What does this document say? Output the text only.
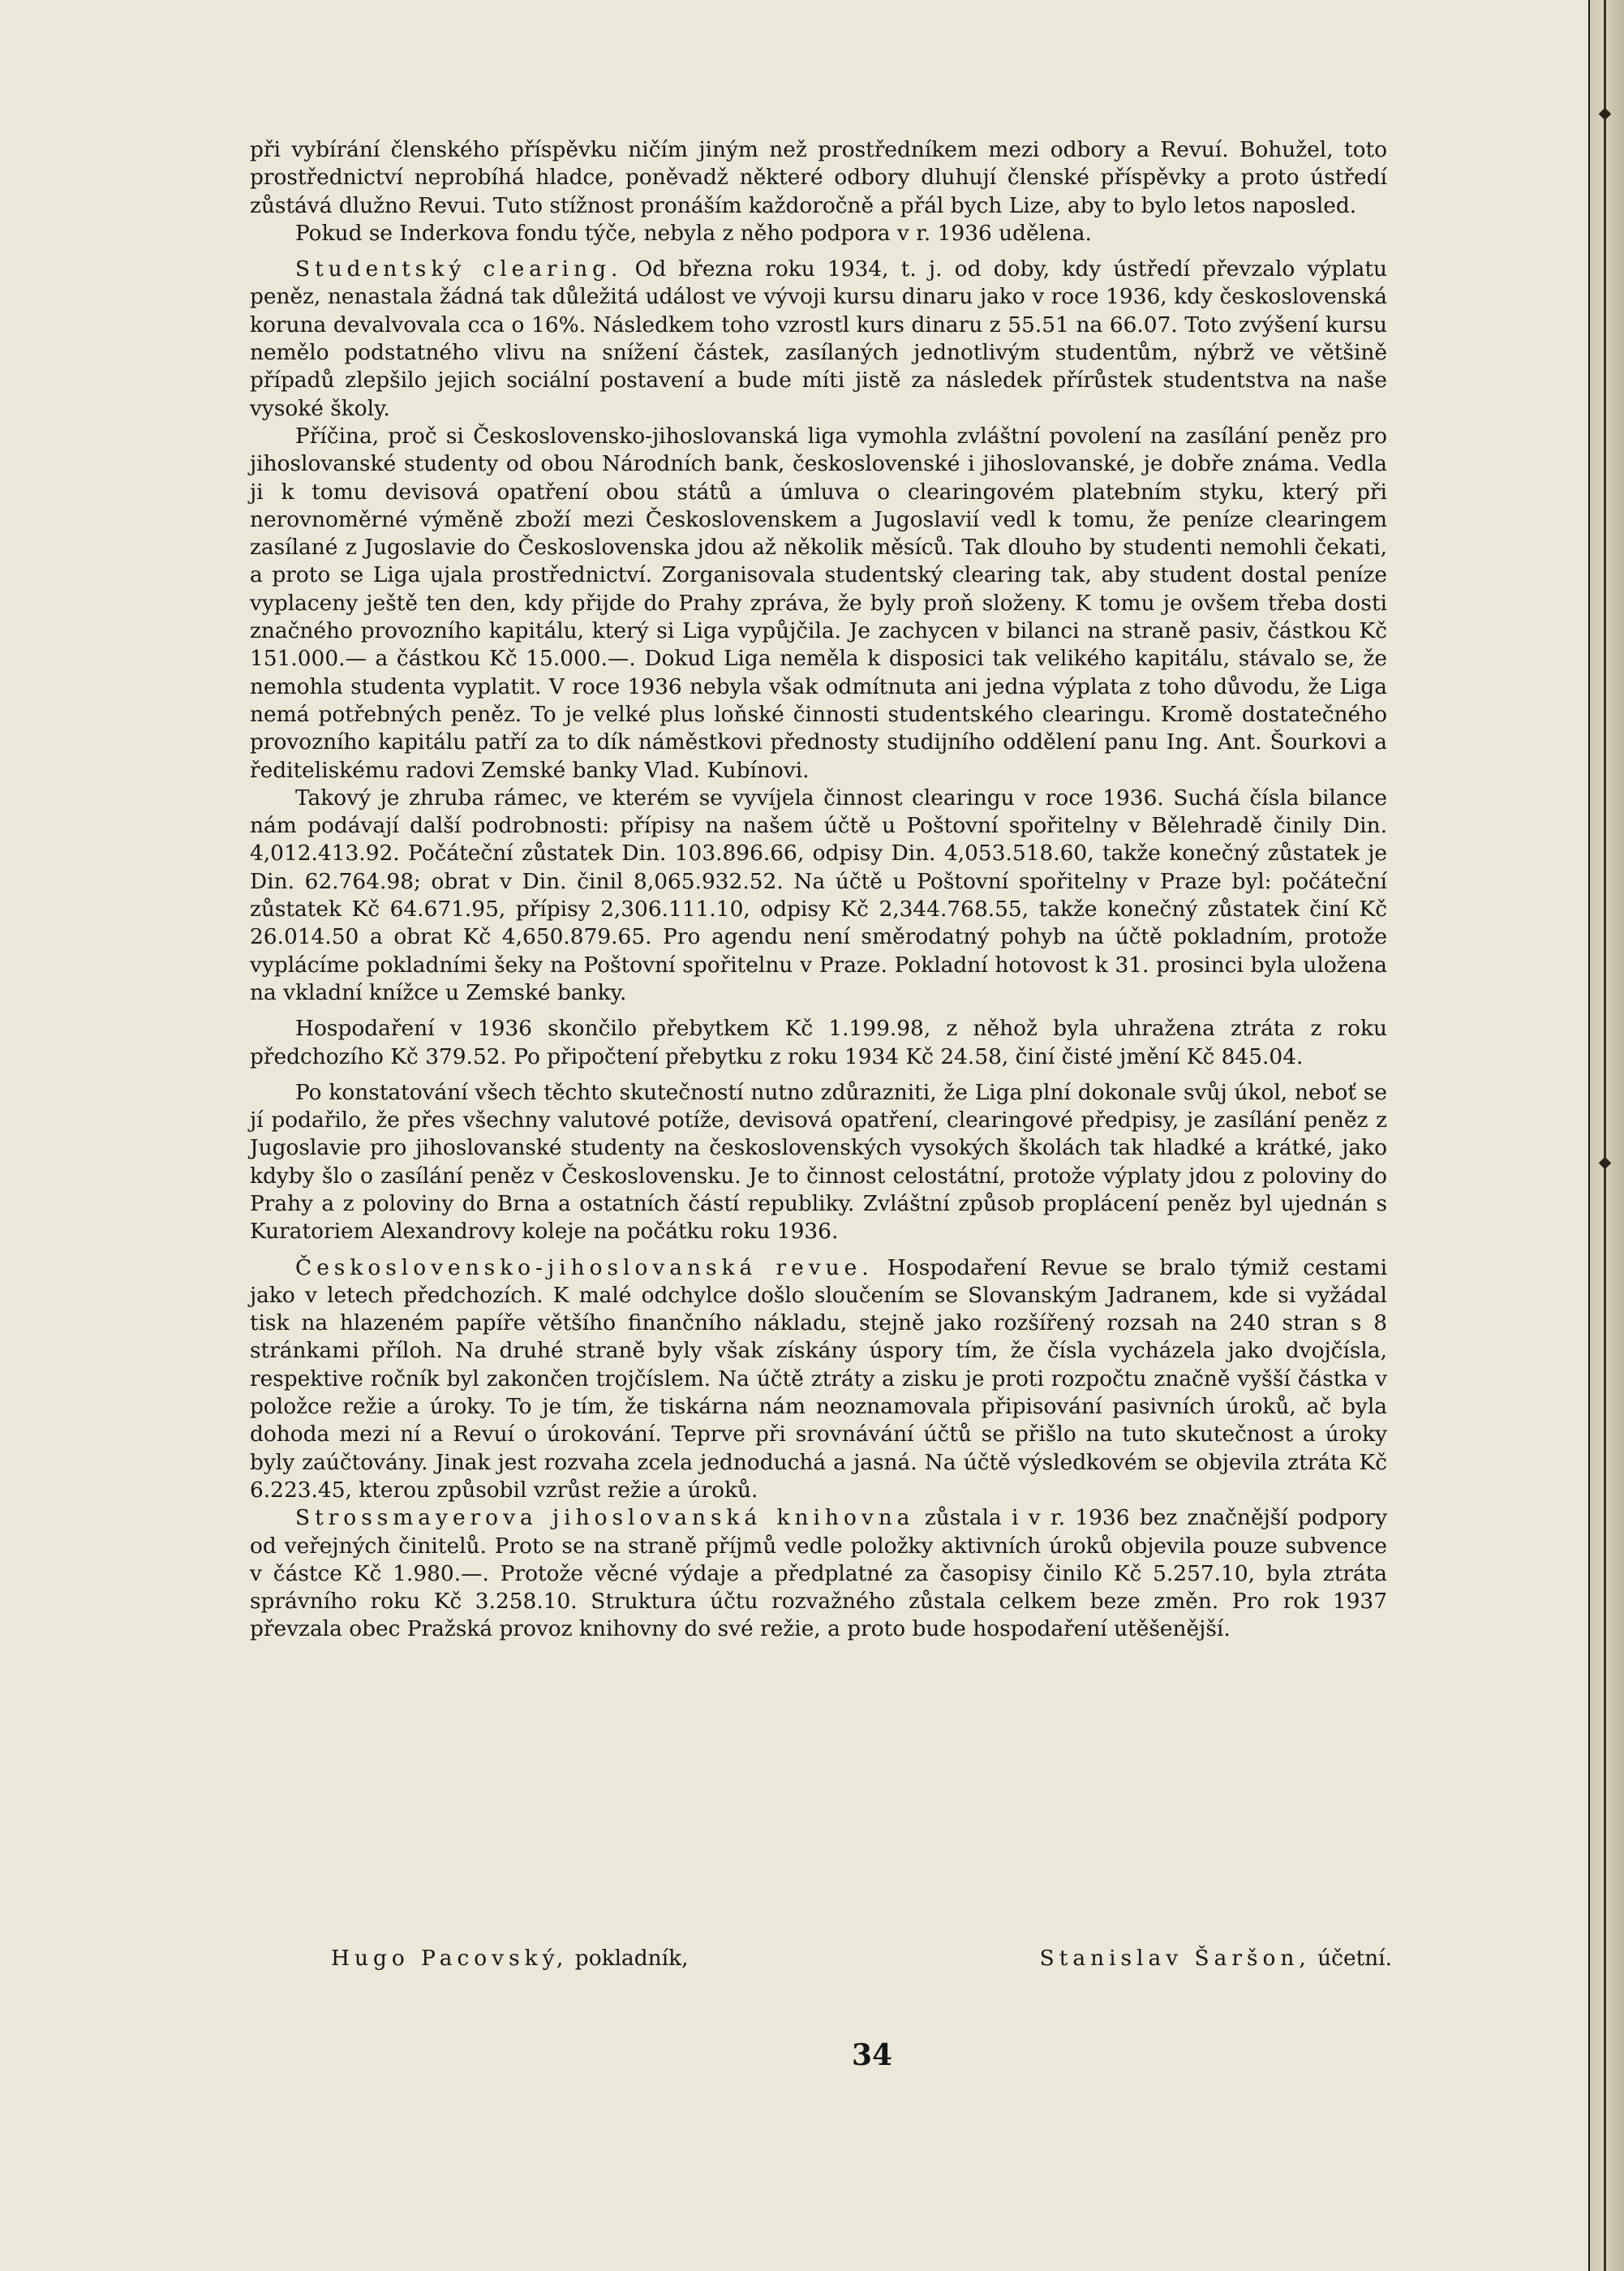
při vybírání členského příspěvku ničím jiným než prostředníkem mezi odbory a Revuí. Bohužel, toto prostřednictví neprobíhá hladce, poněvadž některé odbory dluhují členské příspěvky a proto ústředí zůstává dlužno Revui. Tuto stížnost pronáším každoročně a přál bych Lize, aby to bylo letos naposled.

Pokud se Inderkova fondu týče, nebyla z něho podpora v r. 1936 udělena.

Studentský clearing. Od března roku 1934, t. j. od doby, kdy ústředí převzalo výplatu peněz, nenastala žádná tak důležitá událost ve vývoji kursu dinaru jako v roce 1936, kdy československá koruna devalvovala cca o 16%. Následkem toho vzrostl kurs dinaru z 55.51 na 66.07. Toto zvýšení kursu nemělo podstatného vlivu na snížení částek, zasílaných jednotlivým studentům, nýbrž ve většině případů zlepšilo jejich sociální postavení a bude míti jistě za následek přírůstek studentstva na naše vysoké školy.

Příčina, proč si Československo-jihoslovanská liga vymohla zvláštní povolení na zasílání peněz pro jihoslovanské studenty od obou Národních bank, československé i jihoslovanské, je dobře známa. Vedla ji k tomu devisová opatření obou států a úmluva o clearingovém platebním styku, který při nerovnoměrné výměně zboží mezi Československem a Jugoslavií vedl k tomu, že peníze clearingem zasílané z Jugoslavie do Československa jdou až několik měsíců. Tak dlouho by studenti nemohli čekati, a proto se Liga ujala prostřednictví. Zorganisovala studentský clearing tak, aby student dostal peníze vyplaceny ještě ten den, kdy přijde do Prahy zpráva, že byly proň složeny. K tomu je ovšem třeba dosti značného provozního kapitálu, který si Liga vypůjčila. Je zachycen v bilanci na straně pasiv, částkou Kč 151.000.— a částkou Kč 15.000.—. Dokud Liga neměla k disposici tak velikého kapitálu, stávalo se, že nemohla studenta vyplatit. V roce 1936 nebyla však odmítnuta ani jedna výplata z toho důvodu, že Liga nemá potřebných peněz. To je velké plus loňské činnosti studentského clearingu. Kromě dostatečného provozního kapitálu patří za to dík náměstkovi přednosty studijního oddělení panu Ing. Ant. Šourkovi a řediteliskému radovi Zemské banky Vlad. Kubínovi.

Takový je zhruba rámec, ve kterém se vyvíjela činnost clearingu v roce 1936. Suchá čísla bilance nám podávají další podrobnosti: přípisy na našem účtě u Poštovní spořitelny v Bělehradě činily Din. 4,012.413.92. Počáteční zůstatek Din. 103.896.66, odpisy Din. 4,053.518.60, takže konečný zůstatek je Din. 62.764.98; obrat v Din. činil 8,065.932.52. Na účtě u Poštovní spořitelny v Praze byl: počáteční zůstatek Kč 64.671.95, přípisy 2,306.111.10, odpisy Kč 2,344.768.55, takže konečný zůstatek činí Kč 26.014.50 a obrat Kč 4,650.879.65. Pro agendu není směrodatný pohyb na účtě pokladním, protože vyplácíme pokladními šeky na Poštovní spořitelnu v Praze. Pokladní hotovost k 31. prosinci byla uložena na vkladní knížce u Zemské banky.

Hospodaření v 1936 skončilo přebytkem Kč 1.199.98, z něhož byla uhražena ztráta z roku předchozího Kč 379.52. Po připočtení přebytku z roku 1934 Kč 24.58, činí čisté jmění Kč 845.04.

Po konstatování všech těchto skutečností nutno zdůrazniti, že Liga plní dokonale svůj úkol, neboť se jí podařilo, že přes všechny valutové potíže, devisová opatření, clearingové předpisy, je zasílání peněz z Jugoslavie pro jihoslovanské studenty na československých vysokých školách tak hladké a krátké, jako kdyby šlo o zasílání peněz v Československu. Je to činnost celostátní, protože výplaty jdou z poloviny do Prahy a z poloviny do Brna a ostatních částí republiky. Zvláštní způsob proplácení peněz byl ujednán s Kuratoriem Alexandrovy koleje na počátku roku 1936.

Československo-jihoslovanská revue. Hospodaření Revue se bralo týmiž cestami jako v letech předchozích. K malé odchylce došlo sloučením se Slovanským Jadranem, kde si vyžádal tisk na hlazeném papíře většího finančního nákladu, stejně jako rozšířený rozsah na 240 stran s 8 stránkami příloh. Na druhé straně byly však získány úspory tím, že čísla vycházela jako dvojčísla, respektive ročník byl zakončen trojčíslem. Na účtě ztráty a zisku je proti rozpočtu značně vyšší částka v položce režie a úroky. To je tím, že tiskárna nám neoznamovala připisování pasivních úroků, ač byla dohoda mezi ní a Revuí o úrokování. Teprve při srovnávání účtů se přišlo na tuto skutečnost a úroky byly zaúčtovány. Jinak jest rozvaha zcela jednoduchá a jasná. Na účtě výsledkovém se objevila ztráta Kč 6.223.45, kterou způsobil vzrůst režie a úroků.

Strossmayerova jihoslovanská knihovna zůstala i v r. 1936 bez značnější podpory od veřejných činitelů. Proto se na straně příjmů vedle položky aktivních úroků objevila pouze subvence v částce Kč 1.980.—. Protože věcné výdaje a předplatné za časopisy činilo Kč 5.257.10, byla ztráta správního roku Kč 3.258.10. Struktura účtu rozvažného zůstala celkem beze změn. Pro rok 1937 převzala obec Pražská provoz knihovny do své režie, a proto bude hospodaření utěšenější.

Hugo Pacovský, pokladník,	Stanislav Šaršon, účetní.
34
